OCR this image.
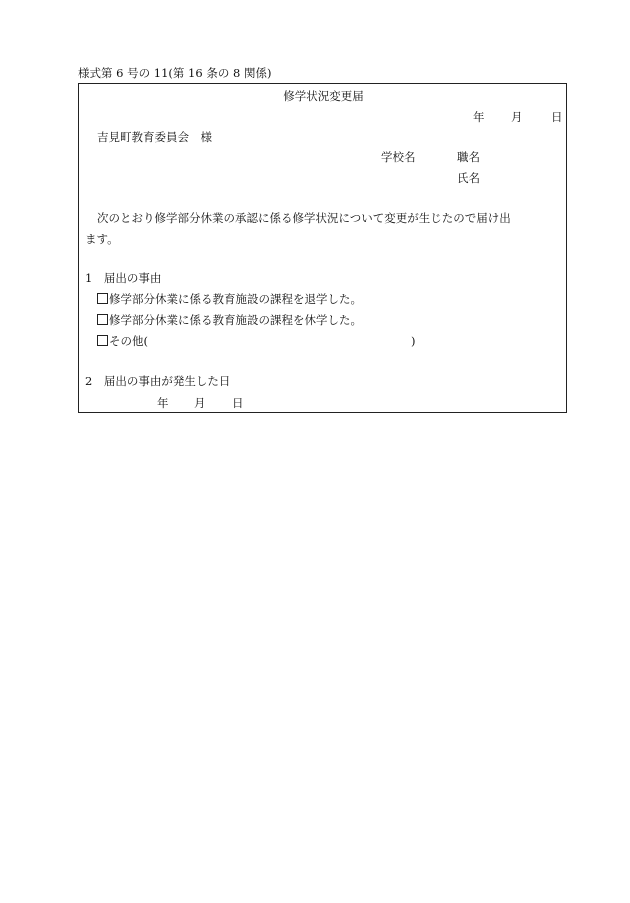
様式第 6 号の 11(第 16 条の 8 関係)
修学状況変更届
年 月 日
吉見町教育委員会　様
学校名	職名
氏名
次のとおり修学部分休業の承認に係る修学状況について変更が生じたので届け出
ます。
1　届出の事由
修学部分休業に係る教育施設の課程を退学した。
修学部分休業に係る教育施設の課程を休学した。
その他(	)
2　届出の事由が発生した日
年 月 日
